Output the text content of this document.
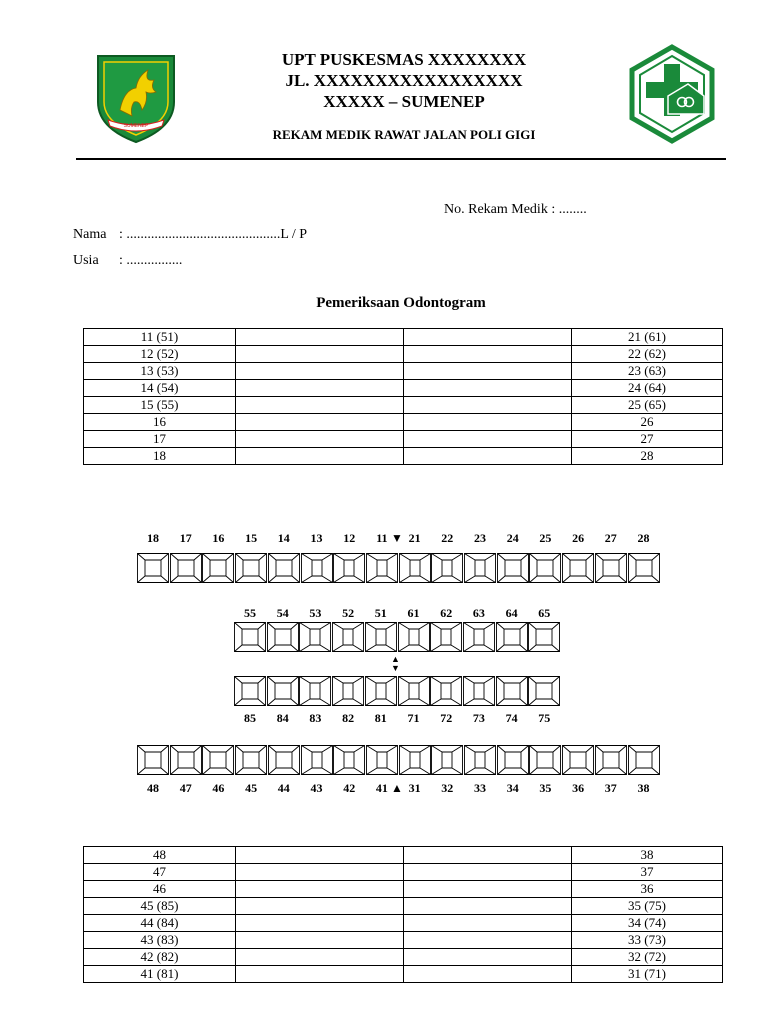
SUMENEP
UPT PUSKESMAS XXXXXXXX
JL. XXXXXXXXXXXXXXXXX
XXXXX – SUMENEP
REKAM MEDIK RAWAT JALAN POLI GIGI
No. Rekam Medik : ........
Nama : ............................................L / P
Usia : ................
Pemeriksaan Odontogram
11 (51)			21 (61)
12 (52)			22 (62)
13 (53)			23 (63)
14 (54)			24 (64)
15 (55)			25 (65)
16			26
17			27
18			28
18	17	16	15	14	13	12	11	21	22	23	24	25	26	27	28
55	54	53	52	51	61	62	63	64	65
85	84	83	82	81	71	72	73	74	75
48	47	46	45	44	43	42	41	31	32	33	34	35	36	37	38
▼
▲
▲▼
48			38
47			37
46			36
45 (85)			35 (75)
44 (84)			34 (74)
43 (83)			33 (73)
42 (82)			32 (72)
41 (81)			31 (71)
